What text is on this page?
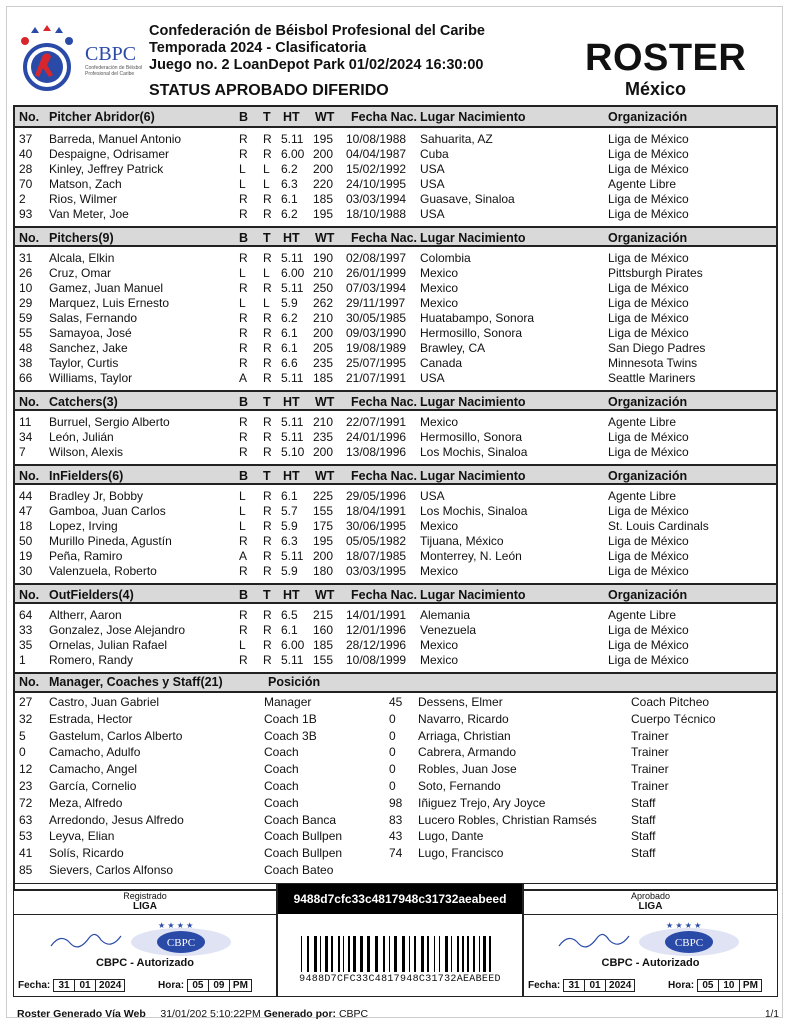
CBPC
Confederación de Béisbol Profesional del Caribe
Confederación de Béisbol Profesional del Caribe
Temporada 2024 - Clasificatoria
Juego no. 2 LoanDepot Park 01/02/2024 16:30:00
STATUS APROBADO DIFERIDO
ROSTER
México
No. Pitcher Abridor(6)	B T HT WT Fecha Nac. Lugar Nacimiento	Organización
37 Barreda, Manuel Antonio	R R 5.11 195 10/08/1988 Sahuarita, AZ	Liga de México
40 Despaigne, Odrisamer	R R 6.00 200 04/04/1987 Cuba	Liga de México
28 Kinley, Jeffrey Patrick	L L 6.2 200 15/02/1992 USA	Liga de México
70 Matson, Zach	L L 6.3 220 24/10/1995 USA	Agente Libre
2 Rios, Wilmer	R R 6.1 185 03/03/1994 Guasave, Sinaloa	Liga de México
93 Van Meter, Joe	R R 6.2 195 18/10/1988 USA	Liga de México
No. Pitchers(9)	B T HT WT Fecha Nac. Lugar Nacimiento	Organización
31 Alcala, Elkin	R R 5.11 190 02/08/1997 Colombia	Liga de México
26 Cruz, Omar	L L 6.00 210 26/01/1999 Mexico	Pittsburgh Pirates
10 Gamez, Juan Manuel	R R 5.11 250 07/03/1994 Mexico	Liga de México
29 Marquez, Luis Ernesto	L L 5.9 262 29/11/1997 Mexico	Liga de México
59 Salas, Fernando	R R 6.2 210 30/05/1985 Huatabampo, Sonora	Liga de México
55 Samayoa, José	R R 6.1 200 09/03/1990 Hermosillo, Sonora	Liga de México
48 Sanchez, Jake	R R 6.1 205 19/08/1989 Brawley, CA	San Diego Padres
38 Taylor, Curtis	R R 6.6 235 25/07/1995 Canada	Minnesota Twins
66 Williams, Taylor	A R 5.11 185 21/07/1991 USA	Seattle Mariners
No. Catchers(3)	B T HT WT Fecha Nac. Lugar Nacimiento	Organización
11 Burruel, Sergio Alberto	R R 5.11 210 22/07/1991 Mexico	Agente Libre
34 León, Julián	R R 5.11 235 24/01/1996 Hermosillo, Sonora	Liga de México
7 Wilson, Alexis	R R 5.10 200 13/08/1996 Los Mochis, Sinaloa	Liga de México
No. InFielders(6)	B T HT WT Fecha Nac. Lugar Nacimiento	Organización
44 Bradley Jr, Bobby	L R 6.1 225 29/05/1996 USA	Agente Libre
47 Gamboa, Juan Carlos	L R 5.7 155 18/04/1991 Los Mochis, Sinaloa	Liga de México
18 Lopez, Irving	L R 5.9 175 30/06/1995 Mexico	St. Louis Cardinals
50 Murillo Pineda, Agustín	R R 6.3 195 05/05/1982 Tijuana, México	Liga de México
19 Peña, Ramiro	A R 5.11 200 18/07/1985 Monterrey, N. León	Liga de México
30 Valenzuela, Roberto	R R 5.9 180 03/03/1995 Mexico	Liga de México
No. OutFielders(4)	B T HT WT Fecha Nac. Lugar Nacimiento	Organización
64 Altherr, Aaron	R R 6.5 215 14/01/1991 Alemania	Agente Libre
33 Gonzalez, Jose Alejandro	R R 6.1 160 12/01/1996 Venezuela	Liga de México
35 Ornelas, Julian Rafael	L R 6.00 185 28/12/1996 Mexico	Liga de México
1 Romero, Randy	R R 5.11 155 10/08/1999 Mexico	Liga de México
No. Manager, Coaches y Staff(21)	Posición
27 Castro, Juan Gabriel	Manager
32 Estrada, Hector	Coach 1B
5 Gastelum, Carlos Alberto	Coach 3B
0 Camacho, Adulfo	Coach
12 Camacho, Angel	Coach
23 García, Cornelio	Coach
72 Meza, Alfredo	Coach
63 Arredondo, Jesus Alfredo	Coach Banca
53 Leyva, Elian	Coach Bullpen
41 Solís, Ricardo	Coach Bullpen
85 Sievers, Carlos Alfonso	Coach Bateo
45 Dessens, Elmer	Coach Pitcheo
0 Navarro, Ricardo	Cuerpo Técnico
0 Arriaga, Christian	Trainer
0 Cabrera, Armando	Trainer
0 Robles, Juan Jose	Trainer
0 Soto, Fernando	Trainer
98 Iñiguez Trejo, Ary Joyce	Staff
83 Lucero Robles, Christian Ramsés	Staff
43 Lugo, Dante	Staff
74 Lugo, Francisco	Staff
Registrado
LIGA
CBPC
★ ★ ★ ★
CBPC - Autorizado
Fecha: 31 01 2024	Hora: 05 09 PM
9488d7cfc33c4817948c31732aeabeed
9488D7CFC33C4817948C31732AEABEED
Aprobado
LIGA
CBPC
★ ★ ★ ★
CBPC - Autorizado
Fecha: 31 01 2024	Hora: 05 10 PM
Roster Generado Vía Web 31/01/202 5:10:22PM Generado por: CBPC	1/1
